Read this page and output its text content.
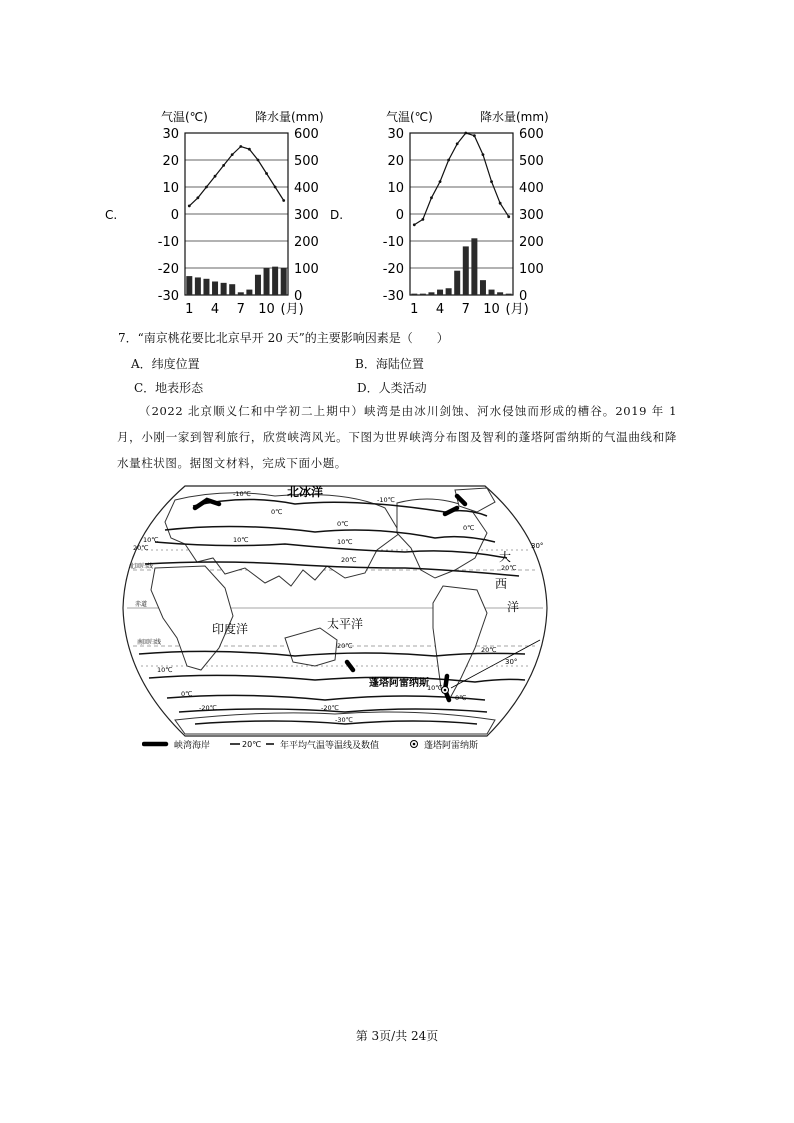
C.
气温(℃)	降水量(mm)
30
20
10
0
-10
-20
-30
600
500
400
300
200
100
0
1 4 7 10 (月)
D.
气温(℃)	降水量(mm)
30
20
10
0
-10
-20
-30
600
500
400
300
200
100
0
1 4 7 10 (月)
7．“南京桃花要比北京早开 20 天”的主要影响因素是（　　）
A．纬度位置	B．海陆位置
C．地表形态	D．人类活动
（2022 北京顺义仁和中学初二上期中）峡湾是由冰川剑蚀、河水侵蚀而形成的槽谷。2019 年 1 月，小刚一家到智利旅行，欣赏峡湾风光。下图为世界峡湾分布图及智利的蓬塔阿雷纳斯的气温曲线和降水量柱状图。据图文材料，完成下面小题。
北冰洋
太平洋
印度洋
大
西
洋
蓬塔阿雷纳斯
赤道
北回归线
南回归线
30°
30°
-10℃
-10℃
0℃
0℃	0℃
10℃	10℃
10℃
20℃
20℃
20℃
20℃	20℃
10℃
10℃
0℃	0℃
-20℃	-20℃
-30℃
峡湾海岸	20℃ 年平均气温等温线及数值	蓬塔阿雷纳斯
第 3页/共 24页
